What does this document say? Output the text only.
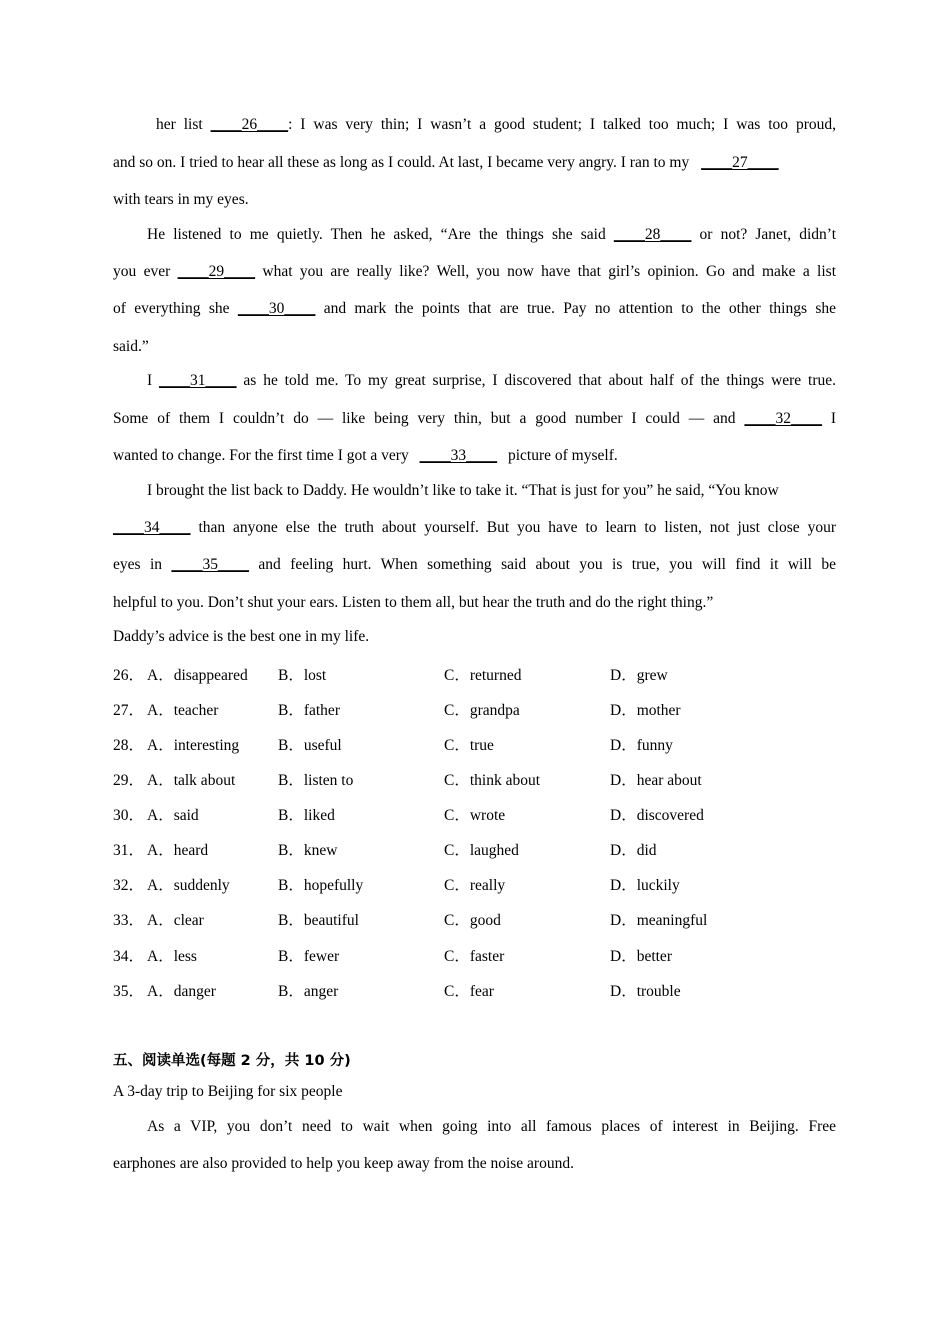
her list ____26____: I was very thin; I wasn’t a good student; I talked too much; I was too proud,
and so on. I tried to hear all these as long as I could. At last, I became very angry. I ran to my ____27____
with tears in my eyes.
He listened to me quietly. Then he asked, “Are the things she said ____28____ or not? Janet, didn’t
you ever ____29____ what you are really like? Well, you now have that girl’s opinion. Go and make a list
of everything she ____30____ and mark the points that are true. Pay no attention to the other things she
said.”
I ____31____ as he told me. To my great surprise, I discovered that about half of the things were true.
Some of them I couldn’t do — like being very thin, but a good number I could — and ____32____ I
wanted to change. For the first time I got a very ____33____ picture of myself.
I brought the list back to Daddy. He wouldn’t like to take it. “That is just for you” he said, “You know
____34____ than anyone else the truth about yourself. But you have to learn to listen, not just close your
eyes in ____35____ and feeling hurt. When something said about you is true, you will find it will be
helpful to you. Don’t shut your ears. Listen to them all, but hear the truth and do the right thing.”
Daddy’s advice is the best one in my life.
26． A．disappeared B．lost	C．returned	D．grew
27． A．teacher	B．father	C．grandpa	D．mother
28． A．interesting	B．useful	C．true	D．funny
29． A．talk about	B．listen to	C．think about	D．hear about
30． A．said	B．liked	C．wrote	D．discovered
31． A．heard	B．knew	C．laughed	D．did
32． A．suddenly	B．hopefully	C．really	D．luckily
33． A．clear	B．beautiful	C．good	D．meaningful
34． A．less	B．fewer	C．faster	D．better
35． A．danger	B．anger	C．fear	D．trouble
五、阅读单选(每题 2 分，共 10 分)
A 3-day trip to Beijing for six people
As a VIP, you don’t need to wait when going into all famous places of interest in Beijing. Free
earphones are also provided to help you keep away from the noise around.
